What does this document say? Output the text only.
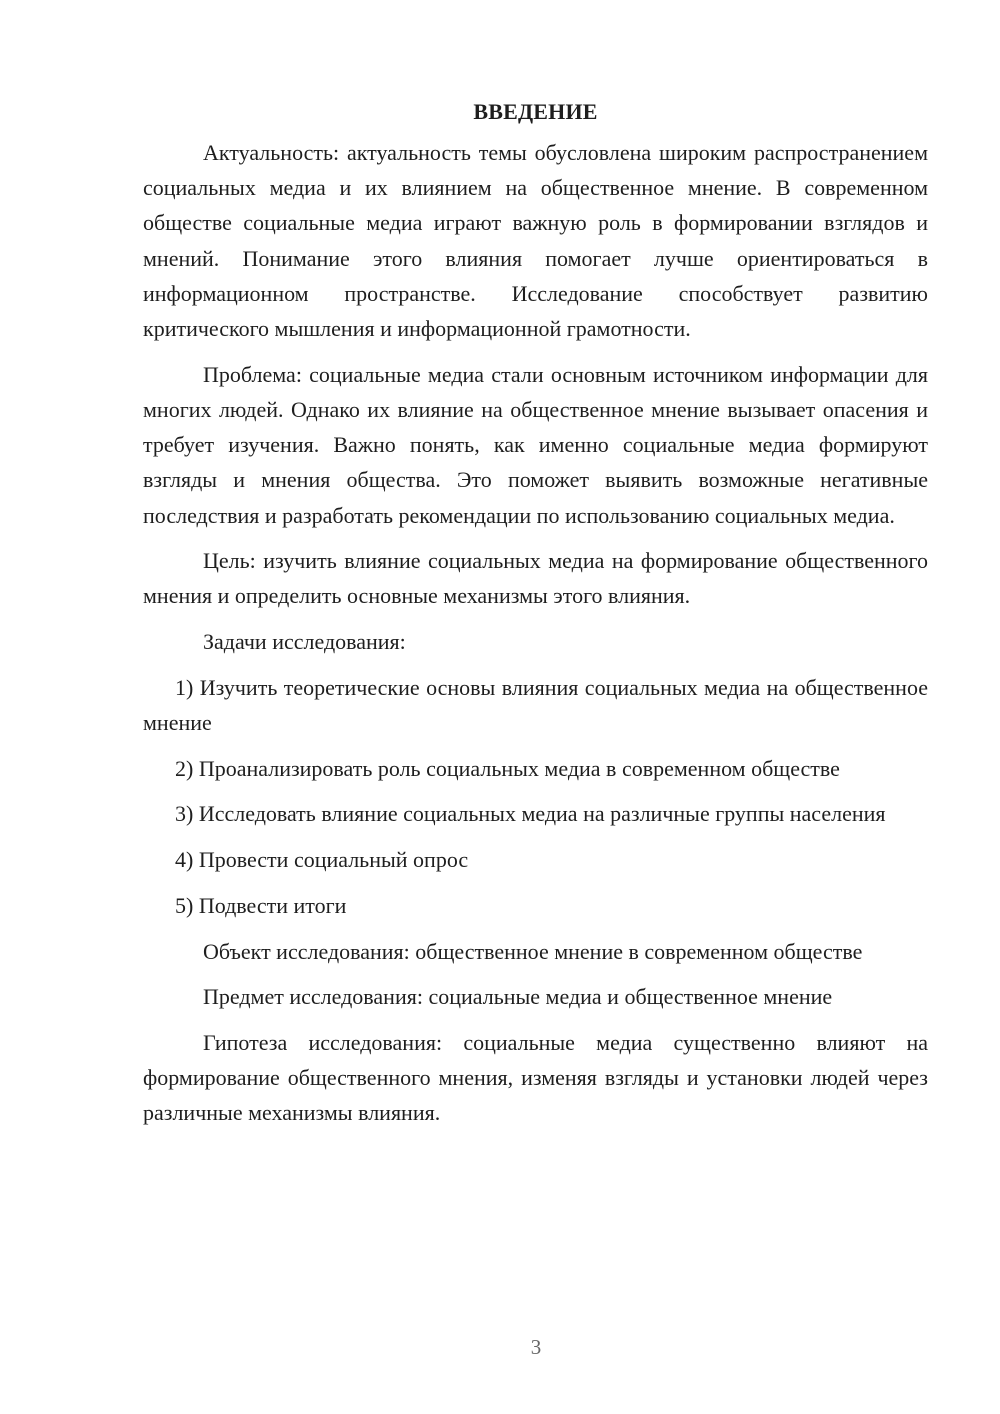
ВВЕДЕНИЕ

Актуальность: актуальность темы обусловлена широким распространением социальных медиа и их влиянием на общественное мнение. В современном обществе социальные медиа играют важную роль в формировании взглядов и мнений. Понимание этого влияния помогает лучше ориентироваться в информационном пространстве. Исследование способствует развитию критического мышления и информационной грамотности.

Проблема: социальные медиа стали основным источником информации для многих людей. Однако их влияние на общественное мнение вызывает опасения и требует изучения. Важно понять, как именно социальные медиа формируют взгляды и мнения общества. Это поможет выявить возможные негативные последствия и разработать рекомендации по использованию социальных медиа.

Цель: изучить влияние социальных медиа на формирование общественного мнения и определить основные механизмы этого влияния.

Задачи исследования:

1) Изучить теоретические основы влияния социальных медиа на общественное мнение

2) Проанализировать роль социальных медиа в современном обществе

3) Исследовать влияние социальных медиа на различные группы населения

4) Провести социальный опрос

5) Подвести итоги

Объект исследования: общественное мнение в современном обществе

Предмет исследования: социальные медиа и общественное мнение

Гипотеза исследования: социальные медиа существенно влияют на формирование общественного мнения, изменяя взгляды и установки людей через различные механизмы влияния.

3
